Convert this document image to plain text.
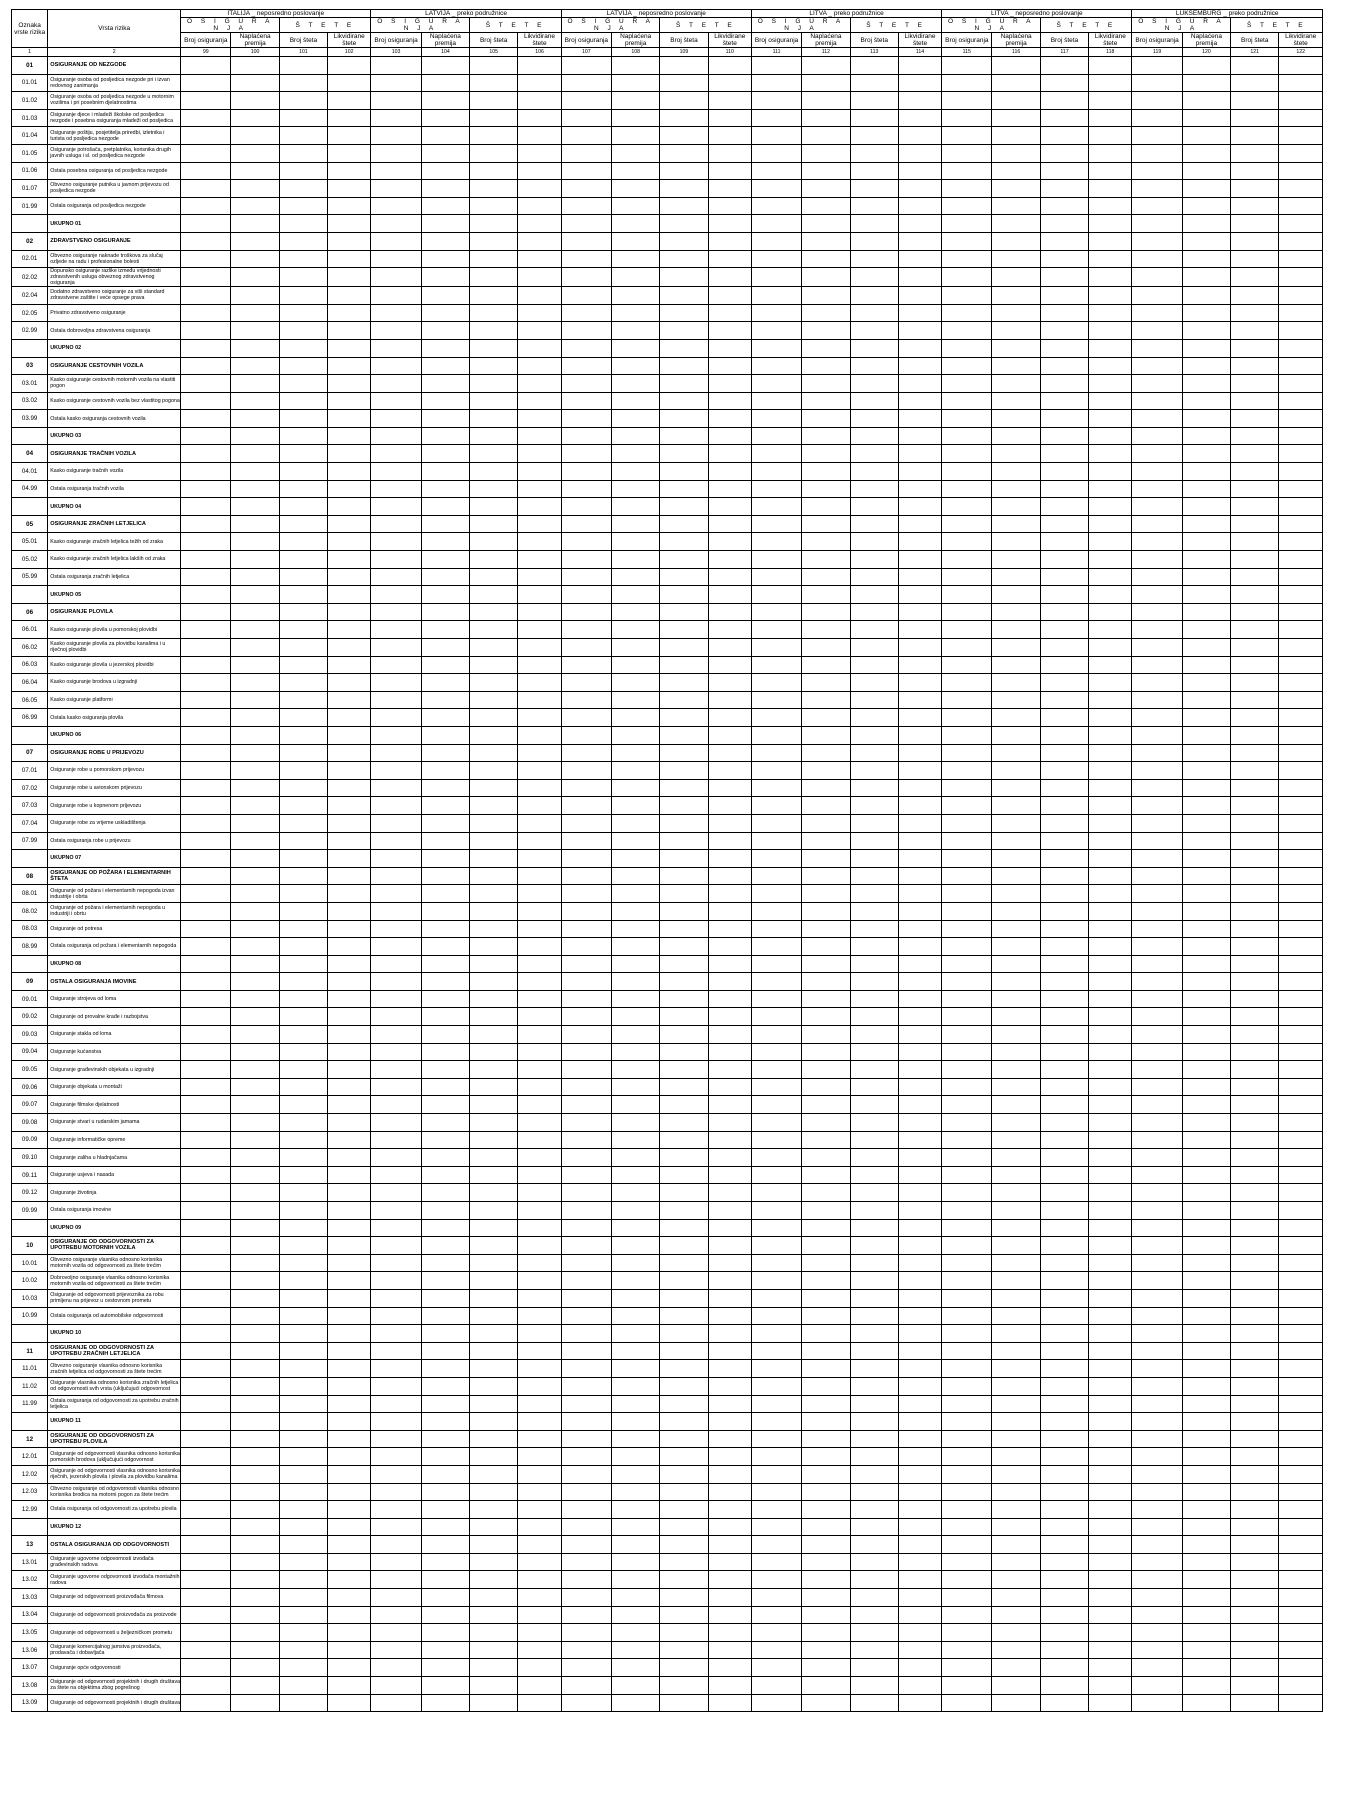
Oznaka vrste rizika	Vrsta rizika	ITALIJA _ neposredno poslovanje				LATVIJA _ preko podružnice				LATVIJA _ neposredno poslovanje				LITVA _ preko podružnice				LITVA _ neposredno poslovanje				LUKSEMBURG _ preko podružnice			
		O S I G U R A N J A		Š T E T E		O S I G U R A N J A		Š T E T E		O S I G U R A N J A		Š T E T E		O S I G U R A N J A		Š T E T E		O S I G U R A N J A		Š T E T E		O S I G U R A N J A		Š T E T E	
		Broj osiguranja	Naplaćena premija	Broj šteta	Likvidirane štete	Broj osiguranja	Naplaćena premija	Broj šteta	Likvidirane štete	Broj osiguranja	Naplaćena premija	Broj šteta	Likvidirane štete	Broj osiguranja	Naplaćena premija	Broj šteta	Likvidirane štete	Broj osiguranja	Naplaćena premija	Broj šteta	Likvidirane štete	Broj osiguranja	Naplaćena premija	Broj šteta	Likvidirane štete
1	2	99	100	101	102	103	104	105	106	107	108	109	110	111	112	113	114	115	116	117	118	119	120	121	122
01	OSIGURANJE OD NEZGODE																								
01.01	Osiguranje osoba od posljedica nezgode pri i izvan redovnog zanimanja																								
01.02	Osiguranje osoba od posljedica nezgode u motornim vozilima i pri posebnim djelatnostima																								
01.03	Osiguranje djece i mladeži školske od posljedica nezgode i posebna osiguranja mladeži od posljedica																								
01.04	Osiguranje poštiju, posjetitelja priredbi, izletnika i turista od posljedica nezgode																								
01.05	Osiguranje potrošača, pretplatnika, korisnika drugih javnih usluga i sl. od posljedica nezgode																								
01.06	Ostala posebna osiguranja od posljedica nezgode																								
01.07	Obvezno osiguranje putnika u javnom prijevozu od posljedica nezgode																								
01.99	Ostala osiguranja od posljedica nezgode																								
	UKUPNO 01																								
02	ZDRAVSTVENO OSIGURANJE																								
02.01	Obvezno osiguranje naknade troškova za slučaj ozljede na radu i profesionalne bolesti																								
02.02	Dopunsko osiguranje razlike između vrijednosti zdravstvenih usluga obveznog zdravstvenog osiguranja																								
02.04	Dodatno zdravstveno osiguranje za viši standard zdravstvene zaštite i veće opsege prava																								
02.05	Privatno zdravstveno osiguranje																								
02.99	Ostala dobrovoljna zdravstvena osiguranja																								
	UKUPNO 02																								
03	OSIGURANJE CESTOVNIH VOZILA																								
03.01	Kasko osiguranje cestovnih motornih vozila na vlastiti pogon																								
03.02	Kasko osiguranje cestovnih vozila bez vlastitog pogona																								
03.99	Ostala kasko osiguranja cestovnih vozila																								
	UKUPNO 03																								
04	OSIGURANJE TRAČNIH VOZILA																								
04.01	Kasko osiguranje tračnih vozila																								
04.99	Ostala osiguranja tračnih vozila																								
	UKUPNO 04																								
05	OSIGURANJE ZRAČNIH LETJELICA																								
05.01	Kasko osiguranje zračnih letjelica težih od zraka																								
05.02	Kasko osiguranje zračnih letjelica lakših od zraka																								
05.99	Ostala osiguranja zračnih letjelica																								
	UKUPNO 05																								
06	OSIGURANJE PLOVILA																								
06.01	Kasko osiguranje plovila u pomorskoj plovidbi																								
06.02	Kasko osiguranje plovila za plovidbu kanalima i u riječnoj plovidbi																								
06.03	Kasko osiguranje plovila u jezerskoj plovidbi																								
06.04	Kasko osiguranje brodova u izgradnji																								
06.05	Kasko osiguranje platformi																								
06.99	Ostala kasko osiguranja plovila																								
	UKUPNO 06																								
07	OSIGURANJE ROBE U PRIJEVOZU																								
07.01	Osiguranje robe u pomorskom prijevozu																								
07.02	Osiguranje robe u avionskom prijevozu																								
07.03	Osiguranje robe u kopnenom prijevozu																								
07.04	Osiguranje robe za vrijeme uskladištenja																								
07.99	Ostala osiguranja robe u prijevozu																								
	UKUPNO 07																								
08	OSIGURANJE OD POŽARA I ELEMENTARNIH ŠTETA																								
08.01	Osiguranje od požara i elementarnih nepogoda izvan industrije i obrta																								
08.02	Osiguranje od požara i elementarnih nepogoda u industriji i obrtu																								
08.03	Osiguranje od potresa																								
08.99	Ostala osiguranja od požara i elementarnih nepogoda																								
	UKUPNO 08																								
09	OSTALA OSIGURANJA IMOVINE																								
09.01	Osiguranje strojeva od loma																								
09.02	Osiguranje od provalne krađe i razbojstva																								
09.03	Osiguranje stakla od loma																								
09.04	Osiguranje kućanstva																								
09.05	Osiguranje građevinskih objekata u izgradnji																								
09.06	Osiguranje objekata u montaži																								
09.07	Osiguranje filmske djelatnosti																								
09.08	Osiguranje stvari u rudarskim jamama																								
09.09	Osiguranje informatičke opreme																								
09.10	Osiguranje zaliha u hladnjačama																								
09.11	Osiguranje usjeva i nasada																								
09.12	Osiguranje životinja																								
09.99	Ostala osiguranja imovine																								
	UKUPNO 09																								
10	OSIGURANJE OD ODGOVORNOSTI ZA UPOTREBU MOTORNIH VOZILA																								
10.01	Obvezno osiguranje vlasnika odnosno korisnika motornih vozila od odgovornosti za štete trećim																								
10.02	Dobrovoljno osiguranje vlasnika odnosno korisnika motornih vozila od odgovornosti za štete trećim																								
10.03	Osiguranje od odgovornosti prijevoznika za robu primljenu na prijevoz u cestovnom prometu																								
10.99	Ostala osiguranja od automobilske odgovornosti																								
	UKUPNO 10																								
11	OSIGURANJE OD ODGOVORNOSTI ZA UPOTREBU ZRAČNIH LETJELICA																								
11.01	Obvezno osiguranje vlasnika odnosno korisnika zračnih letjelica od odgovornosti za štete trećim																								
11.02	Osiguranje vlasnika odnosno korisnika zračnih letjelica od odgovornosti svih vrsta (uključujući odgovornost																								
11.99	Ostala osiguranja od odgovornosti za upotrebu zračnih letjelica																								
	UKUPNO 11																								
12	OSIGURANJE OD ODGOVORNOSTI ZA UPOTREBU PLOVILA																								
12.01	Osiguranje od odgovornosti vlasnika odnosno korisnika pomorskih brodova (uključujući odgovornost																								
12.02	Osiguranje od odgovornosti vlasnika odnosno korisnika riječnih, jezerskih plovila i plovila za plovidbu kanalima																								
12.03	Obvezno osiguranje od odgovornosti vlasnika odnosno korisnika brodica na motorni pogon za štete trećim																								
12.99	Ostala osiguranja od odgovornosti za upotrebu plovila																								
	UKUPNO 12																								
13	OSTALA OSIGURANJA OD ODGOVORNOSTI																								
13.01	Osiguranje ugovorne odgovornosti izvođača građevinskih radova																								
13.02	Osiguranje ugovorne odgovornosti izvođača montažnih radova																								
13.03	Osiguranje od odgovornosti proizvođača filmova																								
13.04	Osiguranje od odgovornosti proizvođača za proizvode																								
13.05	Osiguranje od odgovornosti u željezničkom prometu																								
13.06	Osiguranje komercijalnog jamstva proizvođača, prodavača i dobavljača																								
13.07	Osiguranje opće odgovornosti																								
13.08	Osiguranje od odgovornosti projektnih i drugih društava za štete na objektima zbog pogrešnog																								
13.09	Osiguranje od odgovornosti projektnih i drugih društava																								
